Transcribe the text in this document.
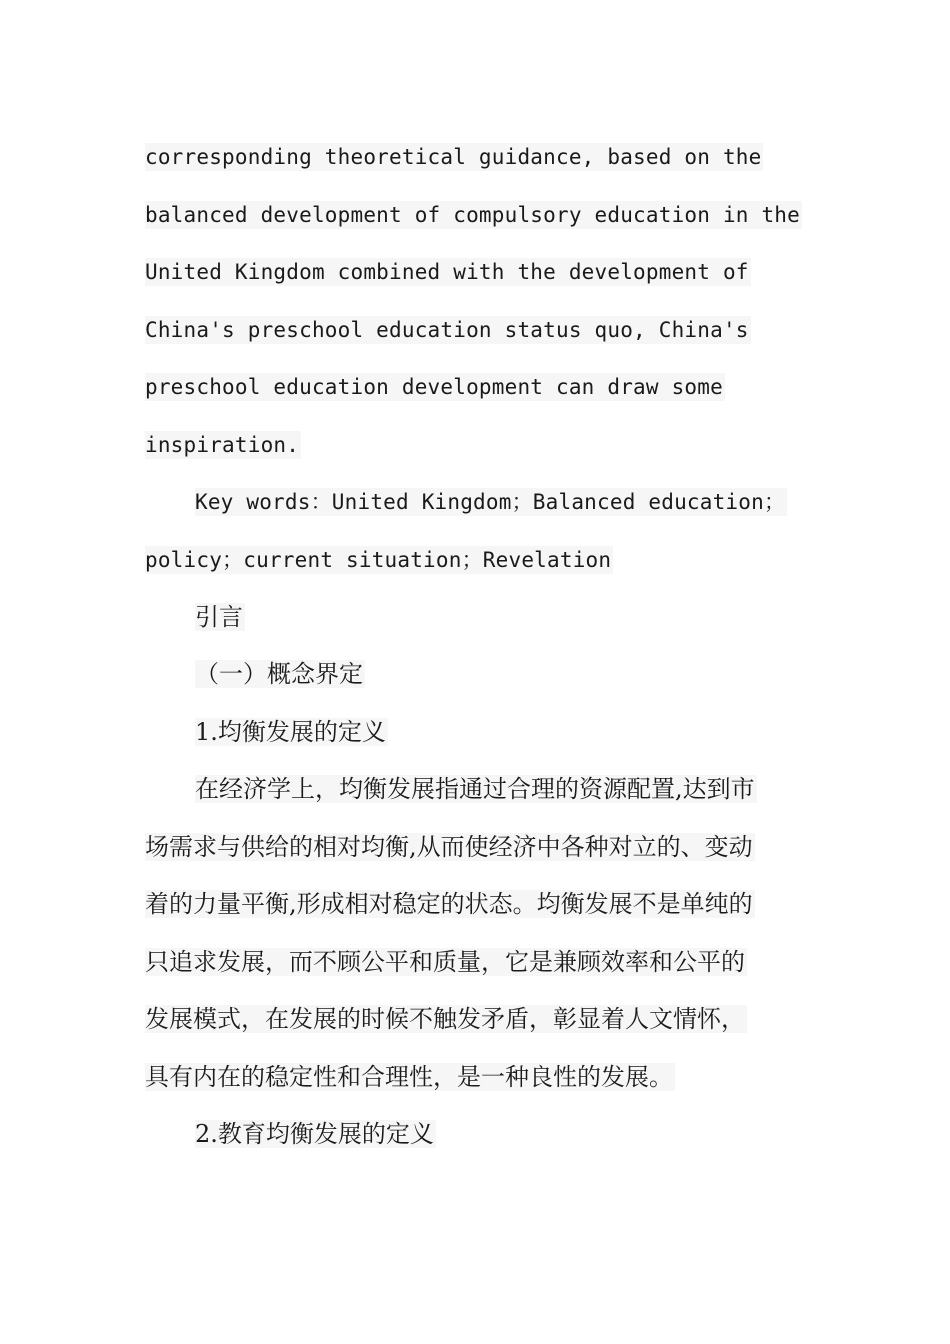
corresponding theoretical guidance, based on the
balanced development of compulsory education in the
United Kingdom combined with the development of
China's preschool education status quo, China's
preschool education development can draw some
inspiration.
Key words：United Kingdom；Balanced education；
policy；current situation；Revelation
引言
（一）概念界定
1.均衡发展的定义
在经济学上，均衡发展指通过合理的资源配置,达到市
场需求与供给的相对均衡,从而使经济中各种对立的、变动
着的力量平衡,形成相对稳定的状态。均衡发展不是单纯的
只追求发展，而不顾公平和质量，它是兼顾效率和公平的
发展模式，在发展的时候不触发矛盾，彰显着人文情怀，
具有内在的稳定性和合理性，是一种良性的发展。
2.教育均衡发展的定义
